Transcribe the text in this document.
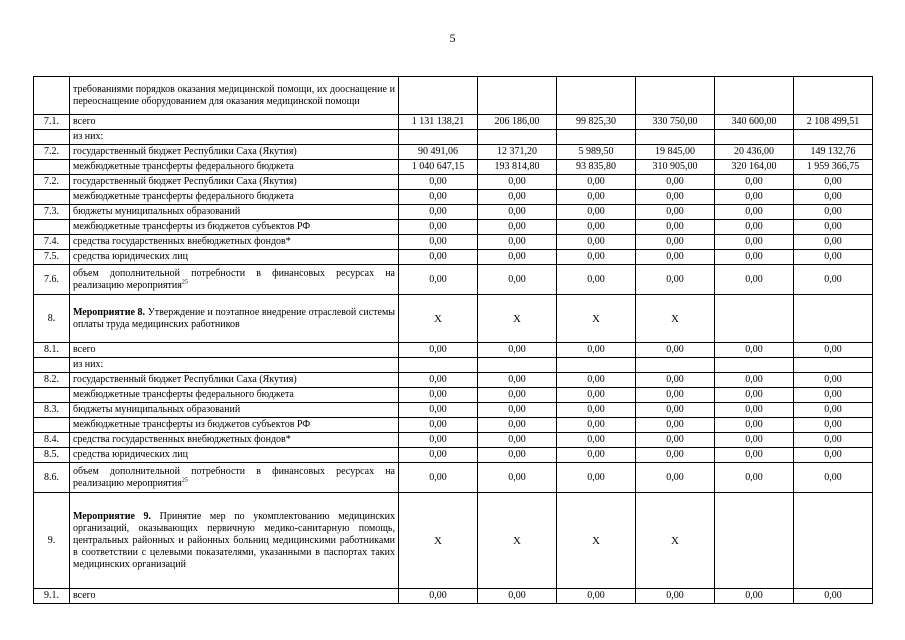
5
	требованиями порядков оказания медицинской помощи, их дооснащение и переоснащение оборудованием для оказания медицинской помощи						
7.1.	всего	1 131 138,21	206 186,00	99 825,30	330 750,00	340 600,00	2 108 499,51
	из них:						
7.2.	государственный бюджет Республики Саха (Якутия)	90 491,06	12 371,20	5 989,50	19 845,00	20 436,00	149 132,76
	межбюджетные трансферты федерального бюджета	1 040 647,15	193 814,80	93 835,80	310 905,00	320 164,00	1 959 366,75
7.2.	государственный бюджет Республики Саха (Якутия)	0,00	0,00	0,00	0,00	0,00	0,00
	межбюджетные трансферты федерального бюджета	0,00	0,00	0,00	0,00	0,00	0,00
7.3.	бюджеты муниципальных образований	0,00	0,00	0,00	0,00	0,00	0,00
	межбюджетные трансферты из бюджетов субъектов РФ	0,00	0,00	0,00	0,00	0,00	0,00
7.4.	средства государственных внебюджетных фондов*	0,00	0,00	0,00	0,00	0,00	0,00
7.5.	средства юридических лиц	0,00	0,00	0,00	0,00	0,00	0,00
7.6.	объем дополнительной потребности в финансовых ресурсах на реализацию мероприятия$^{25}$	0,00	0,00	0,00	0,00	0,00	0,00
8.	Мероприятие 8. Утверждение и поэтапное внедрение отраслевой системы оплаты труда медицинских работников	Х	Х	Х	Х		
8.1.	всего	0,00	0,00	0,00	0,00	0,00	0,00
	из них:						
8.2.	государственный бюджет Республики Саха (Якутия)	0,00	0,00	0,00	0,00	0,00	0,00
	межбюджетные трансферты федерального бюджета	0,00	0,00	0,00	0,00	0,00	0,00
8.3.	бюджеты муниципальных образований	0,00	0,00	0,00	0,00	0,00	0,00
	межбюджетные трансферты из бюджетов субъектов РФ	0,00	0,00	0,00	0,00	0,00	0,00
8.4.	средства государственных внебюджетных фондов*	0,00	0,00	0,00	0,00	0,00	0,00
8.5.	средства юридических лиц	0,00	0,00	0,00	0,00	0,00	0,00
8.6.	объем дополнительной потребности в финансовых ресурсах на реализацию мероприятия$^{25}$	0,00	0,00	0,00	0,00	0,00	0,00
9.	Мероприятие 9. Принятие мер по укомплектованию медицинских организаций, оказывающих первичную медико-санитарную помощь, центральных районных и районных больниц медицинскими работниками в соответствии с целевыми показателями, указанными в паспортах таких медицинских организаций	Х	Х	Х	Х		
9.1.	всего	0,00	0,00	0,00	0,00	0,00	0,00
